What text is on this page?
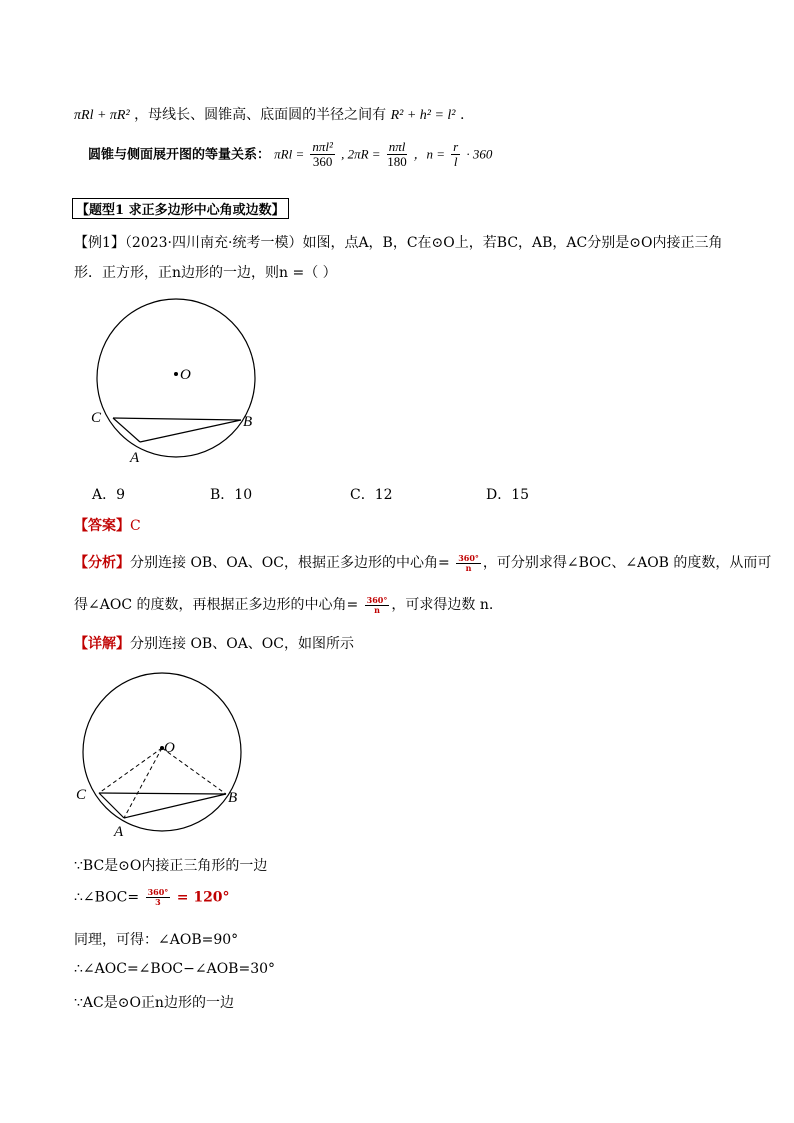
πRl + πR² ，母线长、圆锥高、底面圆的半径之间有 R² + h² = l² .
圆锥与侧面展开图的等量关系： $\pi Rl = \frac{\text{nπl²}}{360}$ , $2\pi R = \frac{\text{nπl}}{180}$ ，$n = \frac{r}{l} \cdot 360$
【题型1 求正多边形中心角或边数】
【例1】（2023·四川南充·统考一模）如图，点A，B，C在⊙O上，若BC，AB，AC分别是⊙O内接正三角
形．正方形，正n边形的一边，则n =（ ）
O
C	B
A
A．9	B．10	C．12	D．15
【答案】C
【分析】分别连接 OB、OA、OC，根据正多边形的中心角= $\frac{360^\circ}{n}$ ，可分别求得∠BOC、∠AOB 的度数，从而可
得∠AOC 的度数，再根据正多边形的中心角= $\frac{360^\circ}{n}$ ，可求得边数 n.
【详解】分别连接 OB、OA、OC，如图所示
O
C	B
A
∵BC是⊙O内接正三角形的一边
∴∠BOC= $\frac{360^\circ}{3} = 120^\circ$
同理，可得：∠AOB=90°
∴∠AOC=∠BOC−∠AOB=30°
∵AC是⊙O正n边形的一边
